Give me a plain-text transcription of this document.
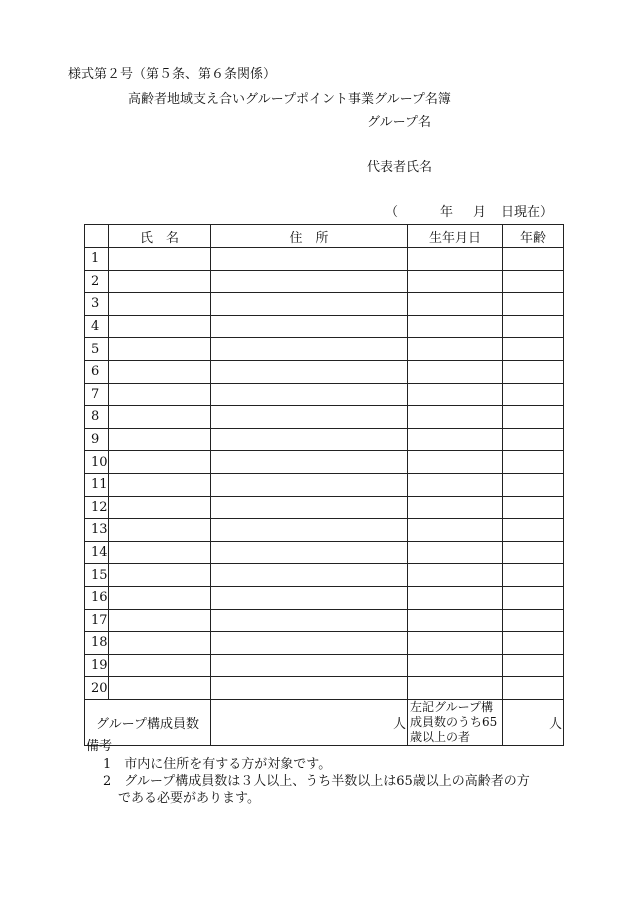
様式第２号（第５条、第６条関係）
高齢者地域支え合いグループポイント事業グループ名簿
グループ名
代表者氏名
（	年 月 日現在）
	氏　名	住　所	生年月日	年齢
1				
2				
3				
4				
5				
6				
7				
8				
9				
10				
11				
12				
13				
14				
15				
16				
17				
18				
19				
20				
グループ構成員数		人	左記グループ構成員数のうち65歳以上の者	人
備考
1　市内に住所を有する方が対象です。
2　グループ構成員数は３人以上、うち半数以上は65歳以上の高齢者の方
である必要があります。
